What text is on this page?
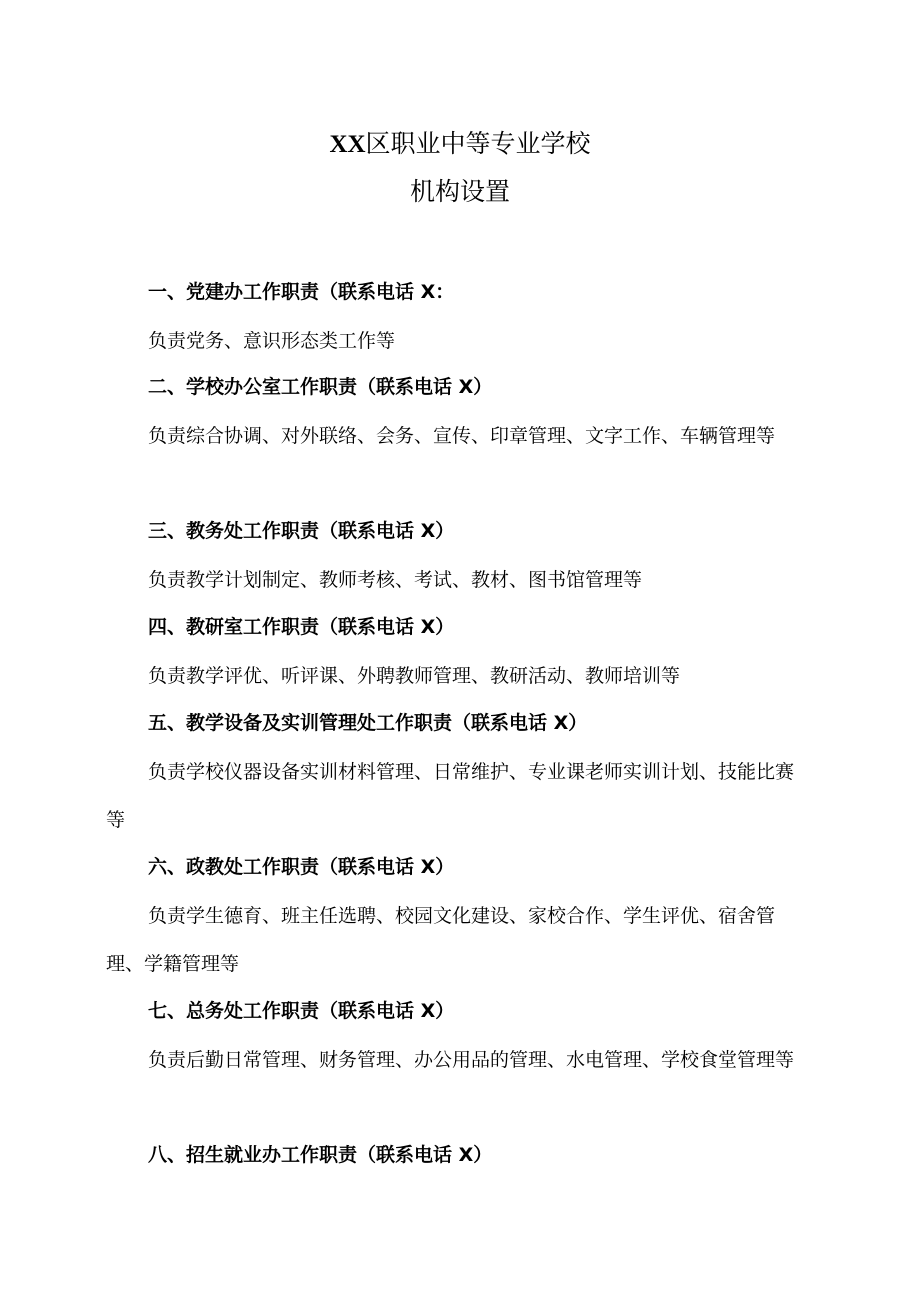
XX区职业中等专业学校
机构设置
一、党建办工作职责（联系电话 X：
负责党务、意识形态类工作等
二、学校办公室工作职责（联系电话 X）
负责综合协调、对外联络、会务、宣传、印章管理、文字工作、车辆管理等
三、教务处工作职责（联系电话 X）
负责教学计划制定、教师考核、考试、教材、图书馆管理等
四、教研室工作职责（联系电话 X）
负责教学评优、听评课、外聘教师管理、教研活动、教师培训等
五、教学设备及实训管理处工作职责（联系电话 X）
负责学校仪器设备实训材料管理、日常维护、专业课老师实训计划、技能比赛等
六、政教处工作职责（联系电话 X）
负责学生德育、班主任选聘、校园文化建设、家校合作、学生评优、宿舍管理、学籍管理等
七、总务处工作职责（联系电话 X）
负责后勤日常管理、财务管理、办公用品的管理、水电管理、学校食堂管理等
八、招生就业办工作职责（联系电话 X）
